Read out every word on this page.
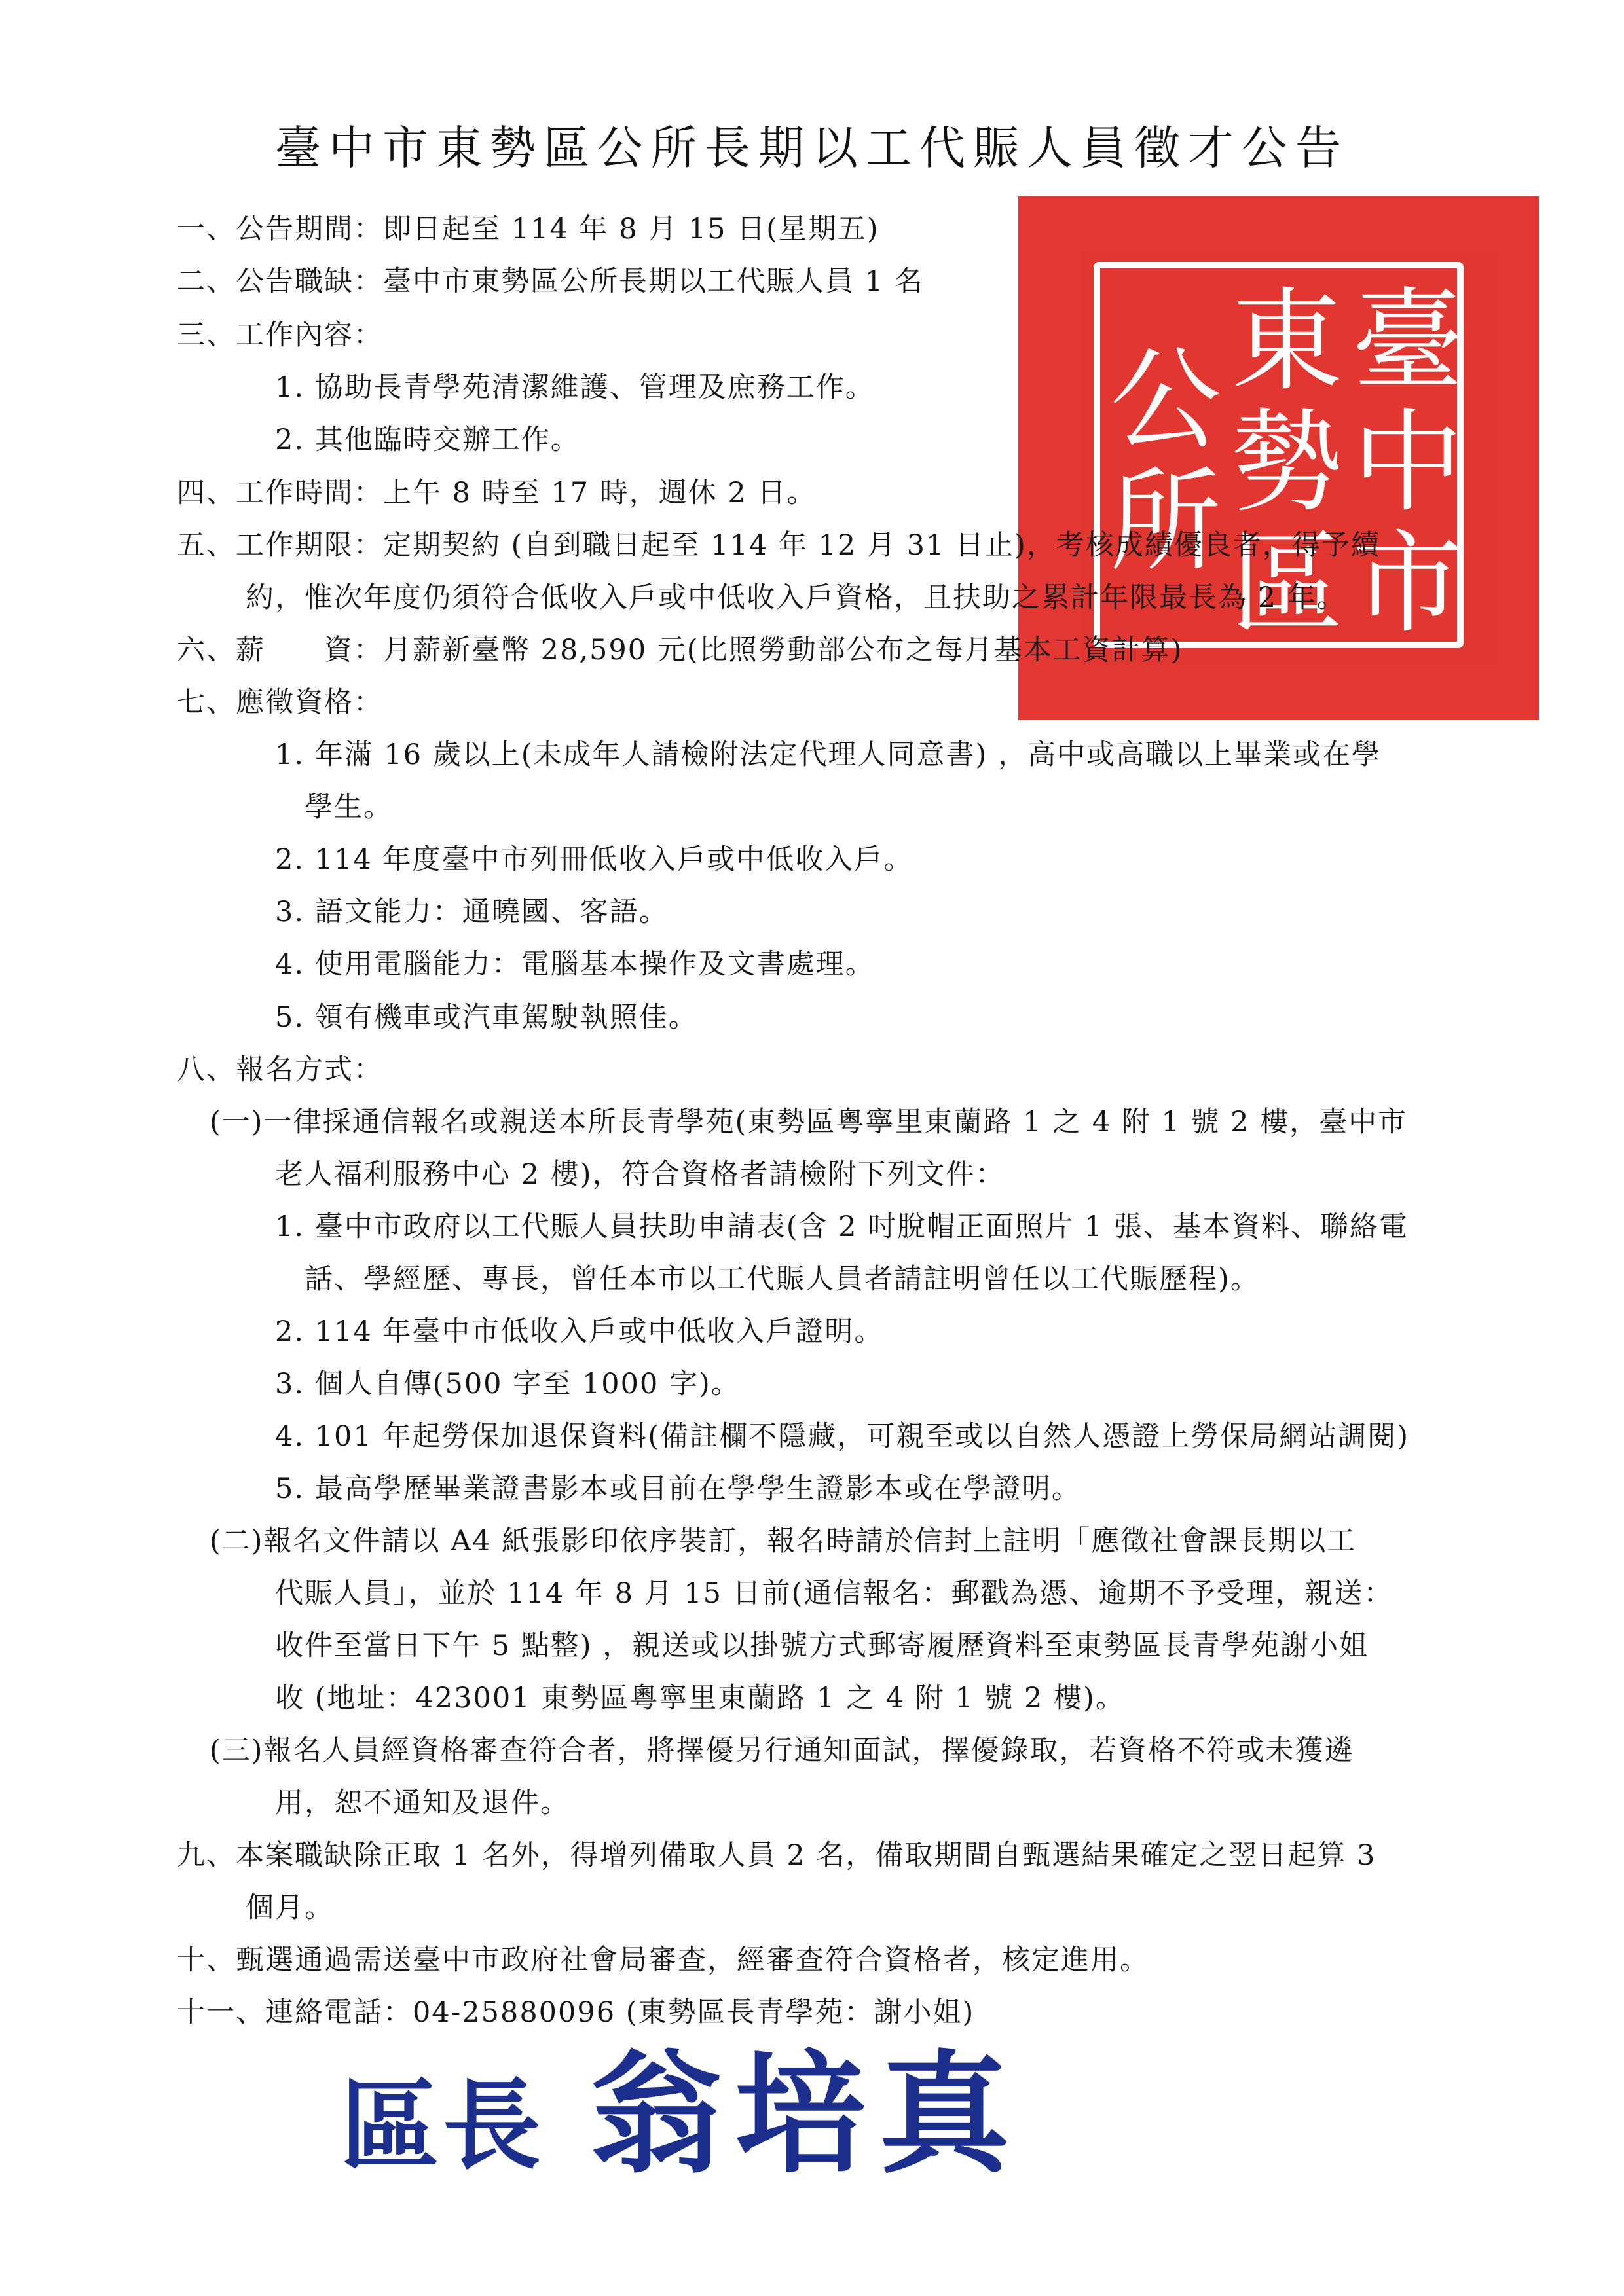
臺中市東勢區公所長期以工代賑人員徵才公告
臺
中
市
東
勢
區
公
所
一、公告期間：即日起至 114 年 8 月 15 日(星期五)
二、公告職缺：臺中市東勢區公所長期以工代賑人員 1 名
三、工作內容：
1. 協助長青學苑清潔維護、管理及庶務工作。
2. 其他臨時交辦工作。
四、工作時間：上午 8 時至 17 時，週休 2 日。
五、工作期限：定期契約 (自到職日起至 114 年 12 月 31 日止)，考核成績優良者，得予續
約，惟次年度仍須符合低收入戶或中低收入戶資格，且扶助之累計年限最長為 2 年。
六、薪　　資：月薪新臺幣 28,590 元(比照勞動部公布之每月基本工資計算)
七、應徵資格：
1. 年滿 16 歲以上(未成年人請檢附法定代理人同意書) ，高中或高職以上畢業或在學
學生。
2. 114 年度臺中市列冊低收入戶或中低收入戶。
3. 語文能力：通曉國、客語。
4. 使用電腦能力：電腦基本操作及文書處理。
5. 領有機車或汽車駕駛執照佳。
八、報名方式：
(一)一律採通信報名或親送本所長青學苑(東勢區粵寧里東蘭路 1 之 4 附 1 號 2 樓，臺中市
老人福利服務中心 2 樓)，符合資格者請檢附下列文件：
1. 臺中市政府以工代賑人員扶助申請表(含 2 吋脫帽正面照片 1 張、基本資料、聯絡電
話、學經歷、專長，曾任本市以工代賑人員者請註明曾任以工代賑歷程)。
2. 114 年臺中市低收入戶或中低收入戶證明。
3. 個人自傳(500 字至 1000 字)。
4. 101 年起勞保加退保資料(備註欄不隱藏，可親至或以自然人憑證上勞保局網站調閱)
5. 最高學歷畢業證書影本或目前在學學生證影本或在學證明。
(二)報名文件請以 A4 紙張影印依序裝訂，報名時請於信封上註明「應徵社會課長期以工
代賑人員」，並於 114 年 8 月 15 日前(通信報名：郵戳為憑、逾期不予受理，親送：
收件至當日下午 5 點整) ，親送或以掛號方式郵寄履歷資料至東勢區長青學苑謝小姐
收 (地址：423001 東勢區粵寧里東蘭路 1 之 4 附 1 號 2 樓)。
(三)報名人員經資格審查符合者，將擇優另行通知面試，擇優錄取，若資格不符或未獲遴
用，恕不通知及退件。
九、本案職缺除正取 1 名外，得增列備取人員 2 名，備取期間自甄選結果確定之翌日起算 3
個月。
十、甄選通過需送臺中市政府社會局審查，經審查符合資格者，核定進用。
十一、連絡電話：04-25880096 (東勢區長青學苑：謝小姐)
區長 翁培真
